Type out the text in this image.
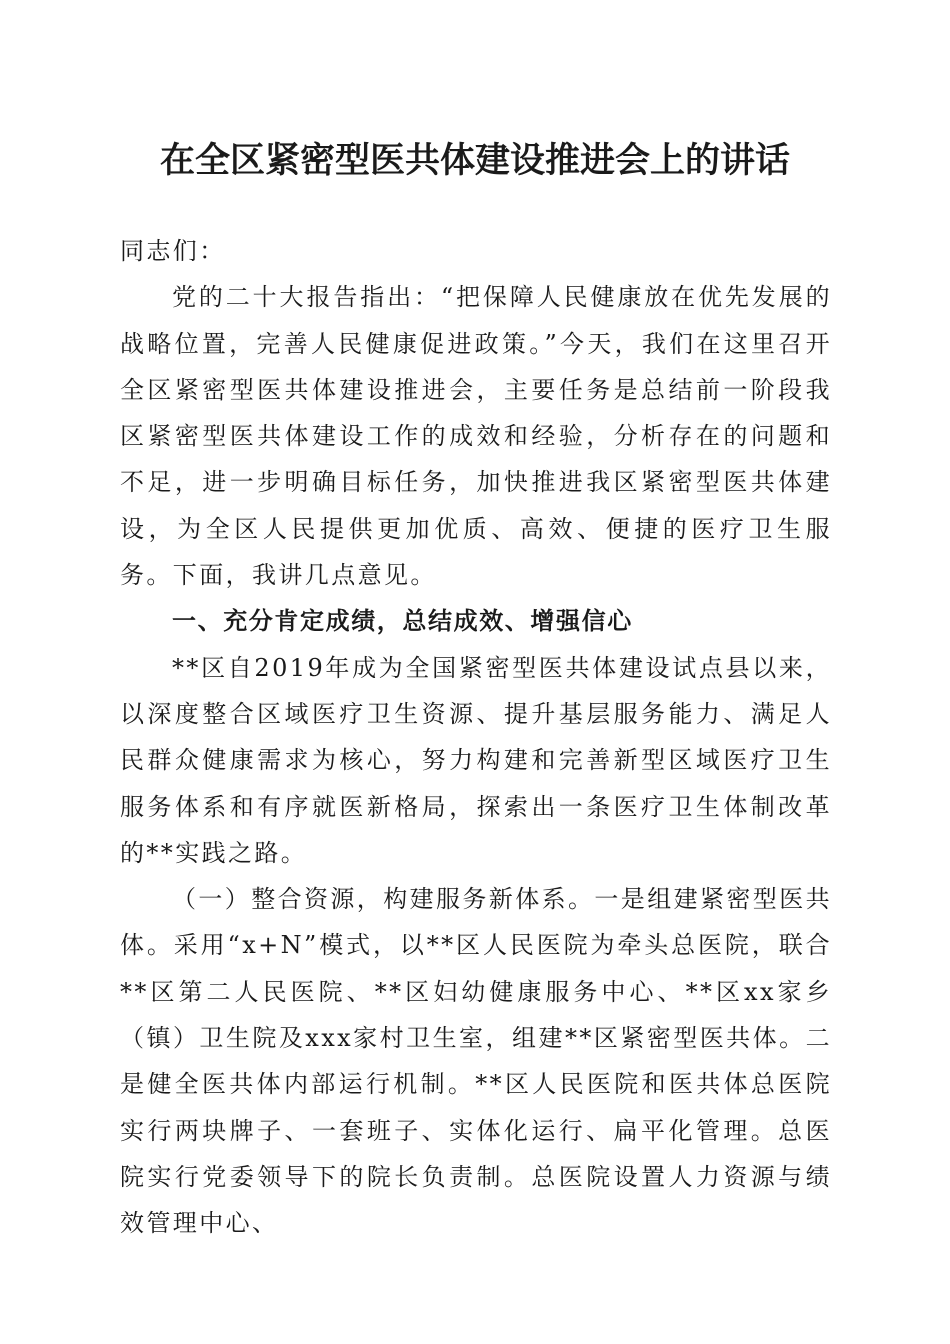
在全区紧密型医共体建设推进会上的讲话

同志们：

党的二十大报告指出：“把保障人民健康放在优先发展的战略位置，完善人民健康促进政策。”今天，我们在这里召开全区紧密型医共体建设推进会，主要任务是总结前一阶段我区紧密型医共体建设工作的成效和经验，分析存在的问题和不足，进一步明确目标任务，加快推进我区紧密型医共体建设，为全区人民提供更加优质、高效、便捷的医疗卫生服务。下面，我讲几点意见。

一、充分肯定成绩，总结成效、增强信心

**区自2019年成为全国紧密型医共体建设试点县以来，以深度整合区域医疗卫生资源、提升基层服务能力、满足人民群众健康需求为核心，努力构建和完善新型区域医疗卫生服务体系和有序就医新格局，探索出一条医疗卫生体制改革的**实践之路。

（一）整合资源，构建服务新体系。一是组建紧密型医共体。采用“x+N”模式，以**区人民医院为牵头总医院，联合**区第二人民医院、**区妇幼健康服务中心、**区xx家乡（镇）卫生院及xxx家村卫生室，组建**区紧密型医共体。二是健全医共体内部运行机制。**区人民医院和医共体总医院实行两块牌子、一套班子、实体化运行、扁平化管理。总医院实行党委领导下的院长负责制。总医院设置人力资源与绩效管理中心、
